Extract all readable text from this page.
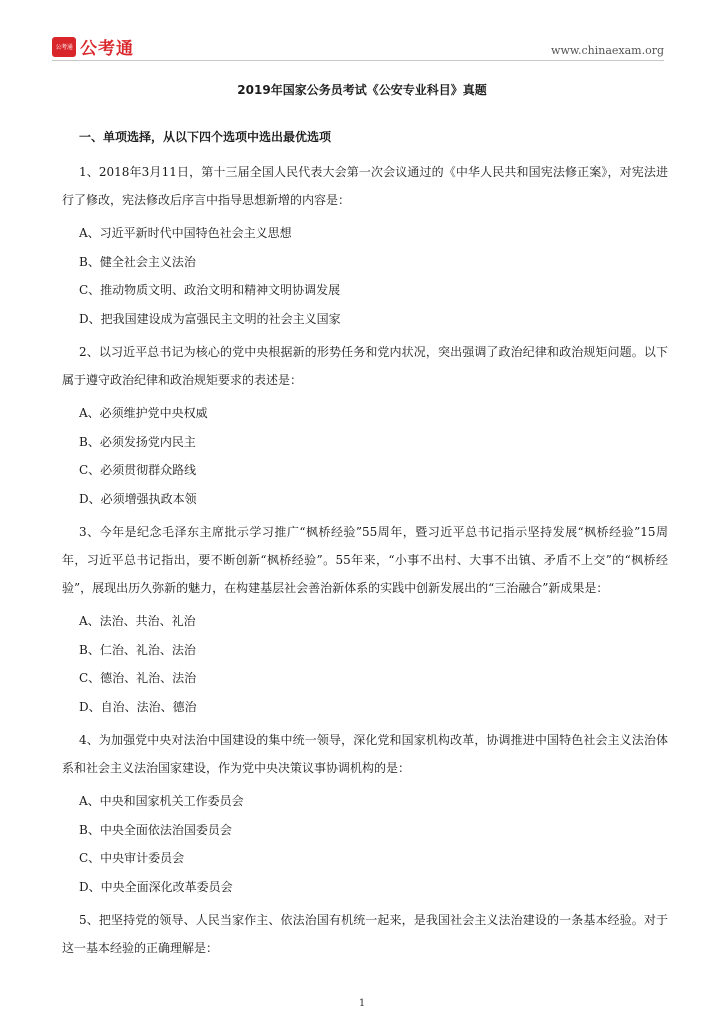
公考通 公考通	www.chinaexam.org
2019年国家公务员考试《公安专业科目》真题
一、单项选择，从以下四个选项中选出最优选项
1、2018年3月11日，第十三届全国人民代表大会第一次会议通过的《中华人民共和国宪法修正案》，对宪法进行了修改，宪法修改后序言中指导思想新增的内容是：
A、习近平新时代中国特色社会主义思想
B、健全社会主义法治
C、推动物质文明、政治文明和精神文明协调发展
D、把我国建设成为富强民主文明的社会主义国家
2、以习近平总书记为核心的党中央根据新的形势任务和党内状况，突出强调了政治纪律和政治规矩问题。以下属于遵守政治纪律和政治规矩要求的表述是：
A、必须维护党中央权威
B、必须发扬党内民主
C、必须贯彻群众路线
D、必须增强执政本领
3、今年是纪念毛泽东主席批示学习推广“枫桥经验”55周年，暨习近平总书记指示坚持发展“枫桥经验”15周年，习近平总书记指出，要不断创新“枫桥经验”。55年来，“小事不出村、大事不出镇、矛盾不上交”的“枫桥经验”，展现出历久弥新的魅力，在构建基层社会善治新体系的实践中创新发展出的“三治融合”新成果是：
A、法治、共治、礼治
B、仁治、礼治、法治
C、德治、礼治、法治
D、自治、法治、德治
4、为加强党中央对法治中国建设的集中统一领导，深化党和国家机构改革，协调推进中国特色社会主义法治体系和社会主义法治国家建设，作为党中央决策议事协调机构的是：
A、中央和国家机关工作委员会
B、中央全面依法治国委员会
C、中央审计委员会
D、中央全面深化改革委员会
5、把坚持党的领导、人民当家作主、依法治国有机统一起来，是我国社会主义法治建设的一条基本经验。对于这一基本经验的正确理解是：
1
